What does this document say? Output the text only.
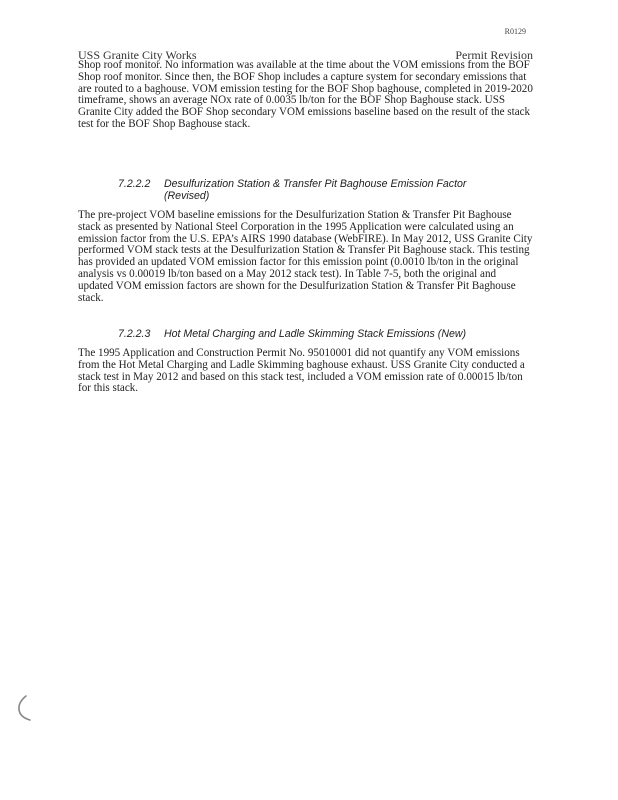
R0129
USS Granite City Works	Permit Revision

Shop roof monitor. No information was available at the time about the VOM emissions from the BOF Shop roof monitor. Since then, the BOF Shop includes a capture system for secondary emissions that are routed to a baghouse. VOM emission testing for the BOF Shop baghouse, completed in 2019-2020 timeframe, shows an average NOx rate of 0.0035 lb/ton for the BOF Shop Baghouse stack. USS Granite City added the BOF Shop secondary VOM emissions baseline based on the result of the stack test for the BOF Shop Baghouse stack.

7.2.2.2 Desulfurization Station & Transfer Pit Baghouse Emission Factor (Revised)

The pre-project VOM baseline emissions for the Desulfurization Station & Transfer Pit Baghouse stack as presented by National Steel Corporation in the 1995 Application were calculated using an emission factor from the U.S. EPA’s AIRS 1990 database (WebFIRE). In May 2012, USS Granite City performed VOM stack tests at the Desulfurization Station & Transfer Pit Baghouse stack. This testing has provided an updated VOM emission factor for this emission point (0.0010 lb/ton in the original analysis vs 0.00019 lb/ton based on a May 2012 stack test). In Table 7-5, both the original and updated VOM emission factors are shown for the Desulfurization Station & Transfer Pit Baghouse stack.

7.2.2.3 Hot Metal Charging and Ladle Skimming Stack Emissions (New)

The 1995 Application and Construction Permit No. 95010001 did not quantify any VOM emissions from the Hot Metal Charging and Ladle Skimming baghouse exhaust. USS Granite City conducted a stack test in May 2012 and based on this stack test, included a VOM emission rate of 0.00015 lb/ton for this stack.
